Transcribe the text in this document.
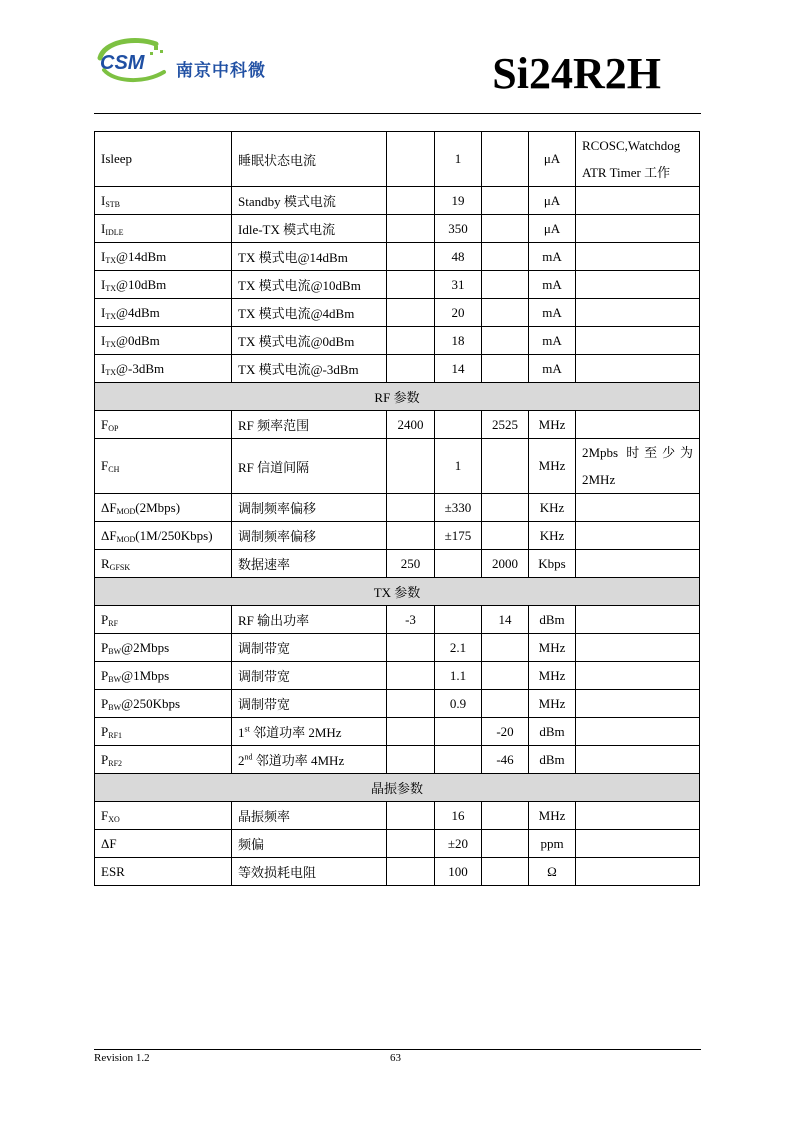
CSM 南京中科微	Si24R2H
Isleep	睡眠状态电流		1		μA	RCOSC,Watchdog ATR Timer 工作
$I_{STB}$	Standby 模式电流		19		μA	
$I_{IDLE}$	Idle-TX 模式电流		350		μA	
$I_{TX}@14dBm$	TX 模式电@14dBm		48		mA	
$I_{TX}@10dBm$	TX 模式电流@10dBm		31		mA	
$I_{TX}@4dBm$	TX 模式电流@4dBm		20		mA	
$I_{TX}@0dBm$	TX 模式电流@0dBm		18		mA	
$I_{TX}@-3dBm$	TX 模式电流@-3dBm		14		mA	
RF 参数						
$F_{OP}$	RF 频率范围	2400		2525	MHz	
$F_{CH}$	RF 信道间隔		1		MHz	2Mpbs 时至少为 2MHz
$\Delta F_{MOD}(2Mbps)$	调制频率偏移		±330		KHz	
$\Delta F_{MOD}(1M/250Kbps)$	调制频率偏移		±175		KHz	
$R_{GFSK}$	数据速率	250		2000	Kbps	
TX 参数						
$P_{RF}$	RF 输出功率	-3		14	dBm	
$P_{BW}@2Mbps$	调制带宽		2.1		MHz	
$P_{BW}@1Mbps$	调制带宽		1.1		MHz	
$P_{BW}@250Kbps$	调制带宽		0.9		MHz	
$P_{RF1}$	1st 邻道功率 2MHz			-20	dBm	
$P_{RF2}$	2nd 邻道功率 4MHz			-46	dBm	
晶振参数						
$F_{XO}$	晶振频率		16		MHz	
ΔF	频偏		±20		ppm	
ESR	等效损耗电阻		100		Ω	
Revision 1.2	63
